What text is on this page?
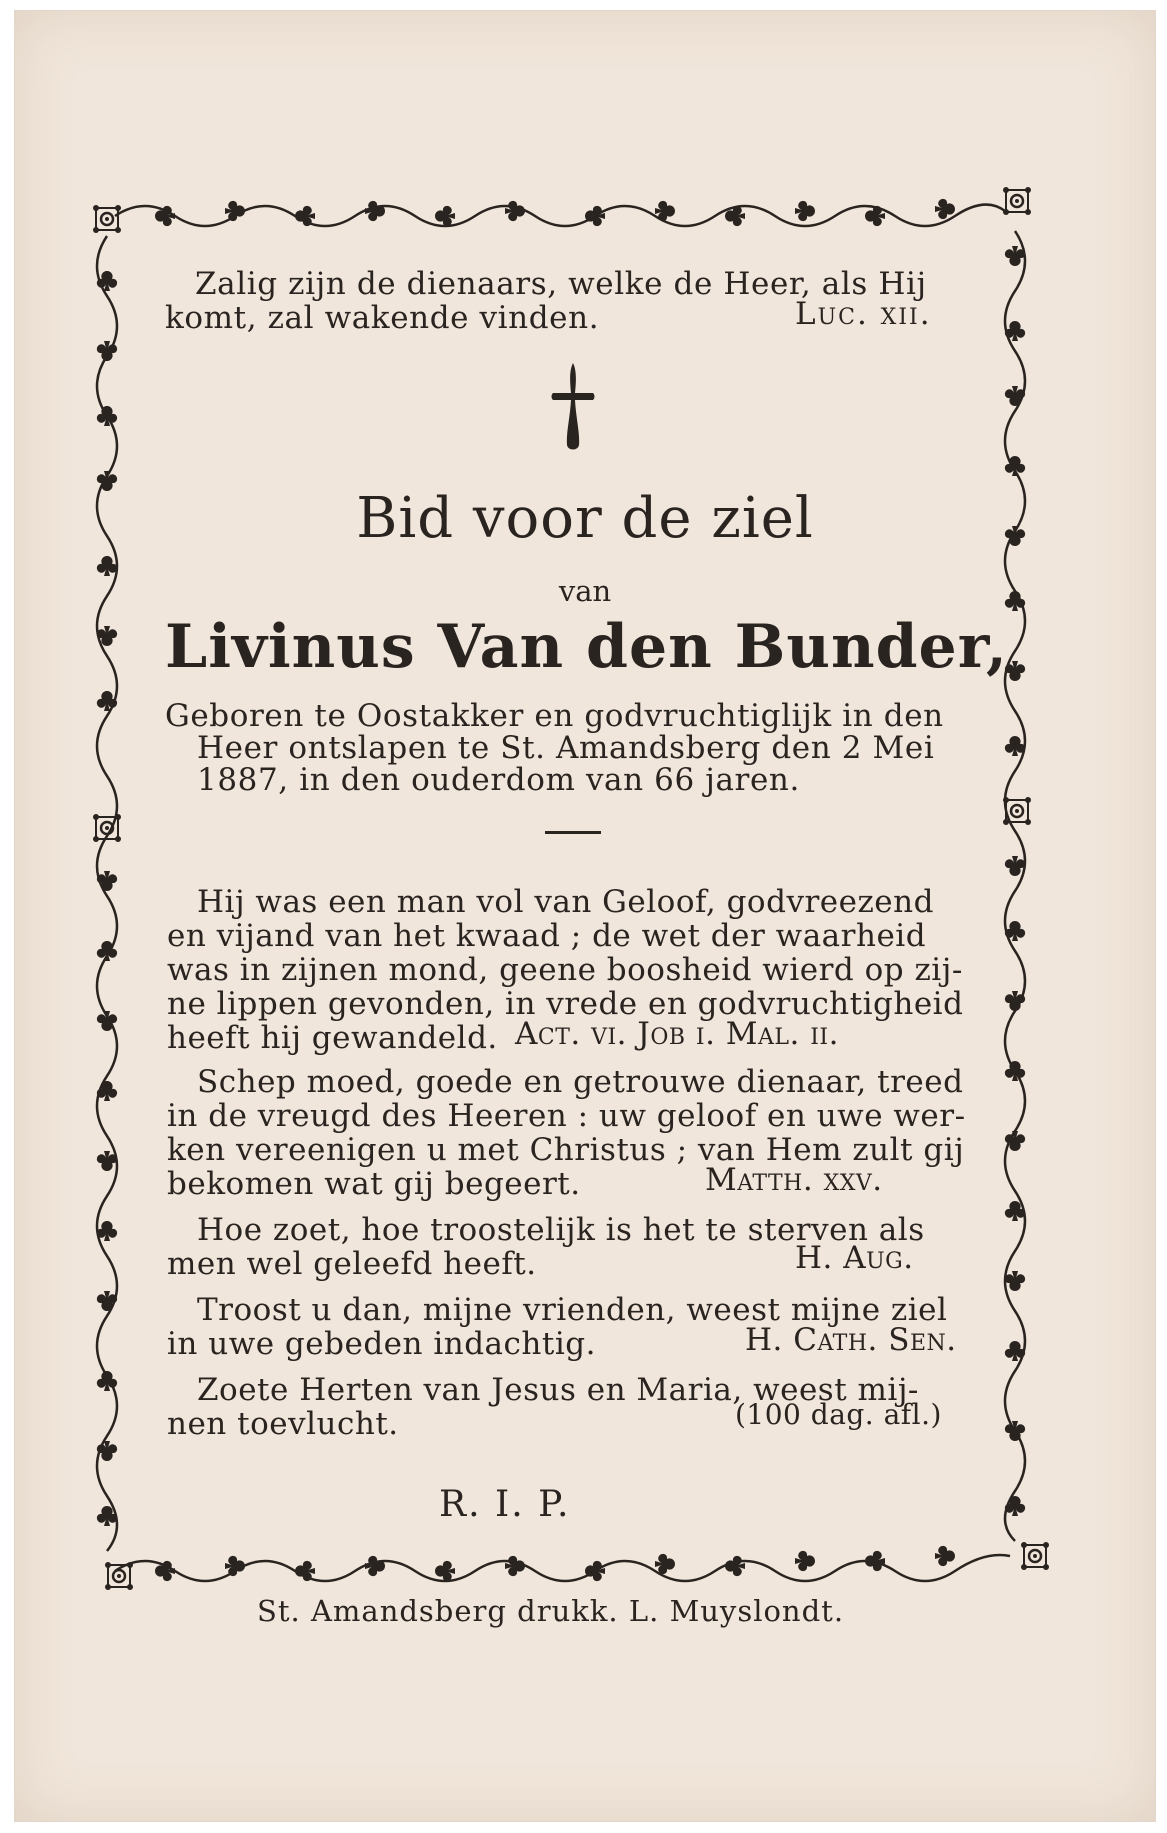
Zalig zijn de dienaars, welke de Heer, als Hij
komt, zal wakende vinden.	Luc. xii.
Bid voor de ziel
van
Livinus Van den Bunder,
Geboren te Oostakker en godvruchtiglijk in den
Heer ontslapen te St. Amandsberg den 2 Mei
1887, in den ouderdom van 66 jaren.
Hij was een man vol van Geloof, godvreezend
en vijand van het kwaad ; de wet der waarheid
was in zijnen mond, geene boosheid wierd op zij-
ne lippen gevonden, in vrede en godvruchtigheid
heeft hij gewandeld. Act. vi. Job i. Mal. ii.
Schep moed, goede en getrouwe dienaar, treed
in de vreugd des Heeren : uw geloof en uwe wer-
ken vereenigen u met Christus ; van Hem zult gij
bekomen wat gij begeert.	Matth. xxv.
Hoe zoet, hoe troostelijk is het te sterven als
men wel geleefd heeft.	H. Aug.
Troost u dan, mijne vrienden, weest mijne ziel
in uwe gebeden indachtig.	H. Cath. Sen.
Zoete Herten van Jesus en Maria, weest mij-
nen toevlucht.	(100 dag. afl.)
R. I. P.
St. Amandsberg drukk. L. Muyslondt.
